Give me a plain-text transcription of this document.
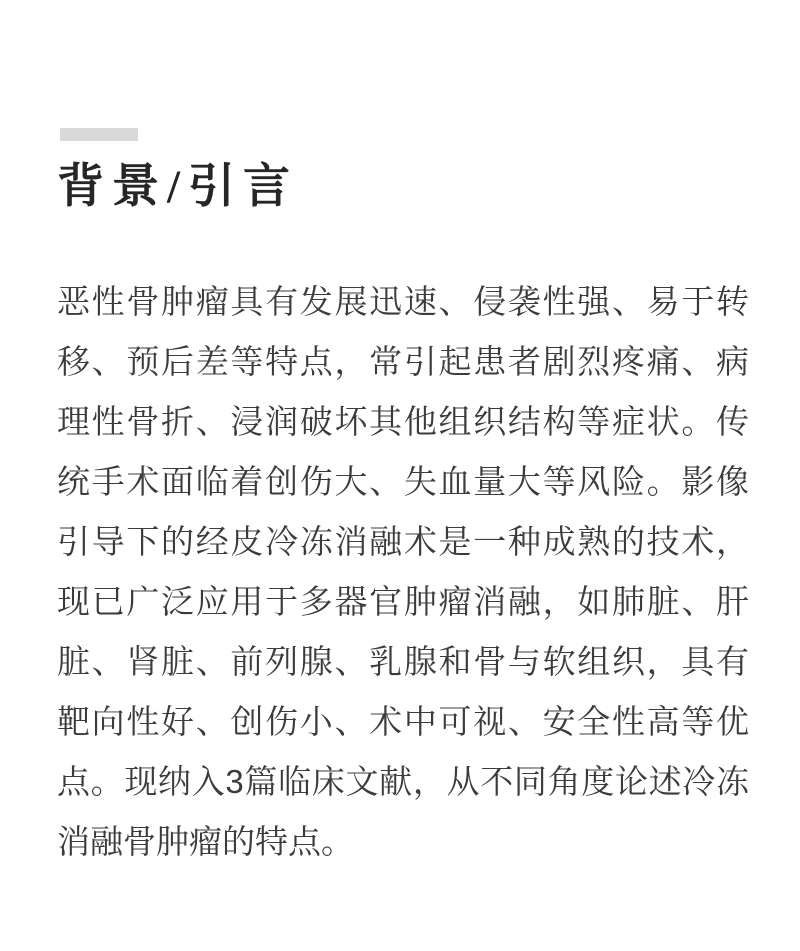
背景/引言

恶性骨肿瘤具有发展迅速、侵袭性强、易于转移、预后差等特点，常引起患者剧烈疼痛、病理性骨折、浸润破坏其他组织结构等症状。传统手术面临着创伤大、失血量大等风险。影像引导下的经皮冷冻消融术是一种成熟的技术，现已广泛应用于多器官肿瘤消融，如肺脏、肝脏、肾脏、前列腺、乳腺和骨与软组织，具有靶向性好、创伤小、术中可视、安全性高等优点。现纳入3篇临床文献，从不同角度论述冷冻消融骨肿瘤的特点。
